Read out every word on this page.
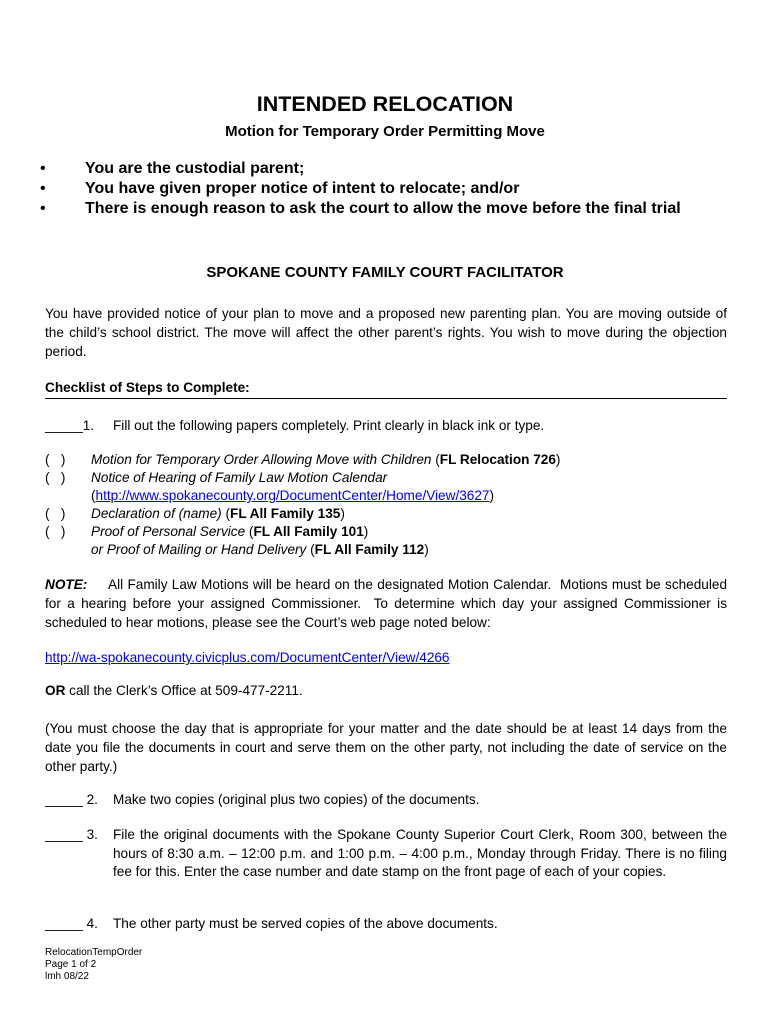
INTENDED RELOCATION
Motion for Temporary Order Permitting Move
• You are the custodial parent;
• You have given proper notice of intent to relocate; and/or
• There is enough reason to ask the court to allow the move before the final trial
SPOKANE COUNTY FAMILY COURT FACILITATOR
You have provided notice of your plan to move and a proposed new parenting plan. You are moving outside of the child’s school district. The move will affect the other parent’s rights. You wish to move during the objection period.
Checklist of Steps to Complete:
_____1. Fill out the following papers completely. Print clearly in black ink or type.
(   ) Motion for Temporary Order Allowing Move with Children (FL Relocation 726)
(   ) Notice of Hearing of Family Law Motion Calendar
(http://www.spokanecounty.org/DocumentCenter/Home/View/3627)
(   ) Declaration of (name) (FL All Family 135)
(   ) Proof of Personal Service (FL All Family 101)
or Proof of Mailing or Hand Delivery (FL All Family 112)
NOTE:     All Family Law Motions will be heard on the designated Motion Calendar.  Motions must be scheduled for a hearing before your assigned Commissioner.  To determine which day your assigned Commissioner is scheduled to hear motions, please see the Court’s web page noted below:
http://wa-spokanecounty.civicplus.com/DocumentCenter/View/4266
OR call the Clerk’s Office at 509-477-2211.
(You must choose the day that is appropriate for your matter and the date should be at least 14 days from the date you file the documents in court and serve them on the other party, not including the date of service on the other party.)
_____ 2. Make two copies (original plus two copies) of the documents.
_____ 3. File the original documents with the Spokane County Superior Court Clerk, Room 300, between the hours of 8:30 a.m. – 12:00 p.m. and 1:00 p.m. – 4:00 p.m., Monday through Friday. There is no filing fee for this. Enter the case number and date stamp on the front page of each of your copies.
_____ 4. The other party must be served copies of the above documents.
RelocationTempOrder
Page 1 of 2
lmh 08/22
